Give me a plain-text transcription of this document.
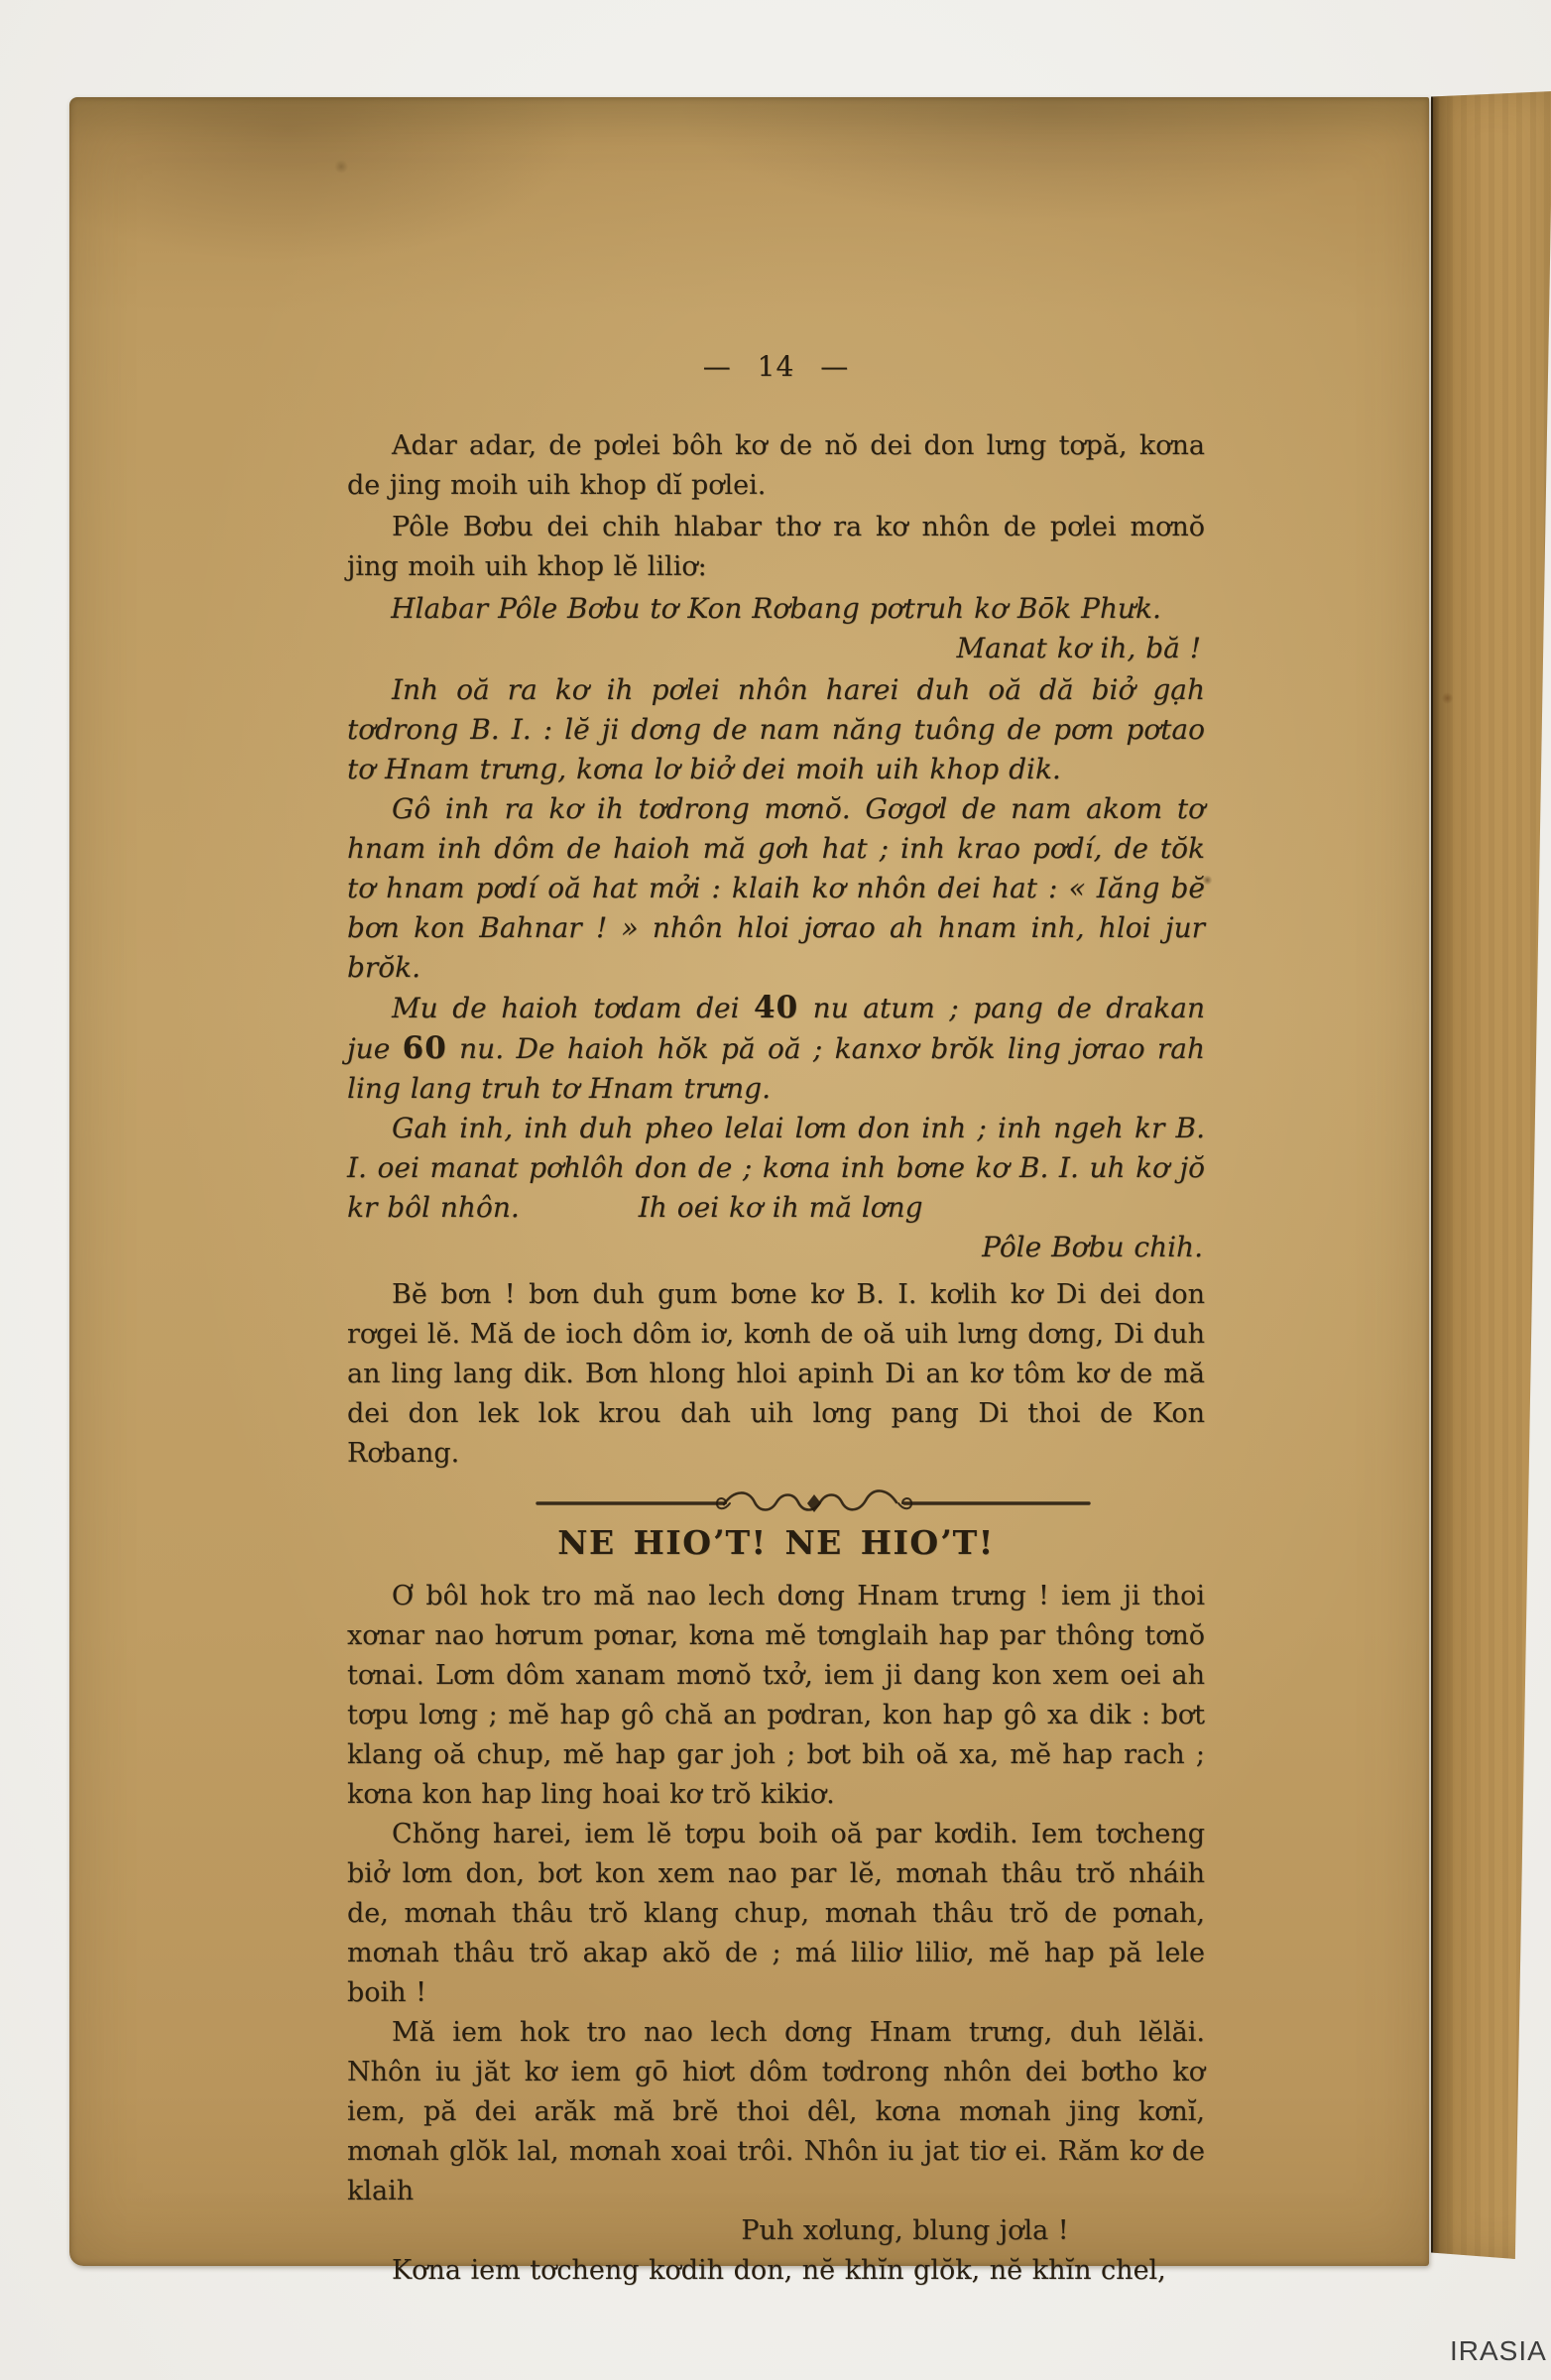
— 14 —

Adar adar, de pơlei bôh kơ de nŏ dei don lưng tơpă, kơna de jing moih uih khop dĭ pơlei.

Pôle Bơbu dei chih hlabar thơ ra kơ nhôn de pơlei mơnŏ jing moih uih khop lĕ liliơ:

Hlabar Pôle Bơbu tơ Kon Rơbang pơtruh kơ Bōk Phưk.

Manat kơ ih, bă !

Inh oă ra kơ ih pơlei nhôn harei duh oă dă biở gạh tơdrong B. I. : lĕ ji dơng de nam năng tuông de pơm pơtao tơ Hnam trưng, kơna lơ biở dei moih uih khop dik.

Gô inh ra kơ ih tơdrong mơnŏ. Gơgơl de nam akom tơ hnam inh dôm de haioh mă gơh hat ; inh krao pơdí, de tŏk tơ hnam pơdí oă hat mởi : klaih kơ nhôn dei hat : « Iăng bĕ bơn kon Bahnar ! » nhôn hloi jơrao ah hnam inh, hloi jur brŏk.

Mu de haioh tơdam dei 40 nu atum ; pang de drakan jue 60 nu. De haioh hŏk pă oă ; kanxơ brŏk ling jơrao rah ling lang truh tơ Hnam trưng.

Gah inh, inh duh pheo lelai lơm don inh ; inh ngeh kr B. I. oei manat pơhlôh don de ; kơna inh bơne kơ B. I. uh kơ jŏ kr bôl nhôn.	Ih oei kơ ih mă lơng

Pôle Bơbu chih.

Bĕ bơn ! bơn duh gum bơne kơ B. I. kơlih kơ Di dei don rơgei lĕ. Mă de ioch dôm iơ, kơnh de oă uih lưng dơng, Di duh an ling lang dik. Bơn hlong hloi apinh Di an kơ tôm kơ de mă dei don lek lok krou dah uih lơng pang Di thoi de Kon Rơbang.

NE HIOʼT! NE HIOʼT!

Ơ bôl hok tro mă nao lech dơng Hnam trưng ! iem ji thoi xơnar nao hơrum pơnar, kơna mĕ tơnglaih hap par thông tơnŏ tơnai. Lơm dôm xanam mơnŏ txở, iem ji dang kon xem oei ah tơpu lơng ; mĕ hap gô chă an pơdran, kon hap gô xa dik : bơt klang oă chup, mĕ hap gar joh ; bơt bih oă xa, mĕ hap rach ; kơna kon hap ling hoai kơ trŏ kikiơ.

Chŏng harei, iem lĕ tơpu boih oă par kơdih. Iem tơcheng biở lơm don, bơt kon xem nao par lĕ, mơnah thâu trŏ nháih de, mơnah thâu trŏ klang chup, mơnah thâu trŏ de pơnah, mơnah thâu trŏ akap akŏ de ; má liliơ liliơ, mĕ hap pă lele boih !

Mă iem hok tro nao lech dơng Hnam trưng, duh lĕlăi. Nhôn iu jăt kơ iem gō hiơt dôm tơdrong nhôn dei bơtho kơ iem, pă dei arăk mă brĕ thoi dêl, kơna mơnah jing kơnĭ, mơnah glŏk lal, mơnah xoai trôi. Nhôn iu jat tiơ ei. Răm kơ de klaih

Puh xơlung, blung jơla !

Kơna iem tơcheng kơdih don, nĕ khĭn glŏk, nĕ khĭn chel,

IRASIA
